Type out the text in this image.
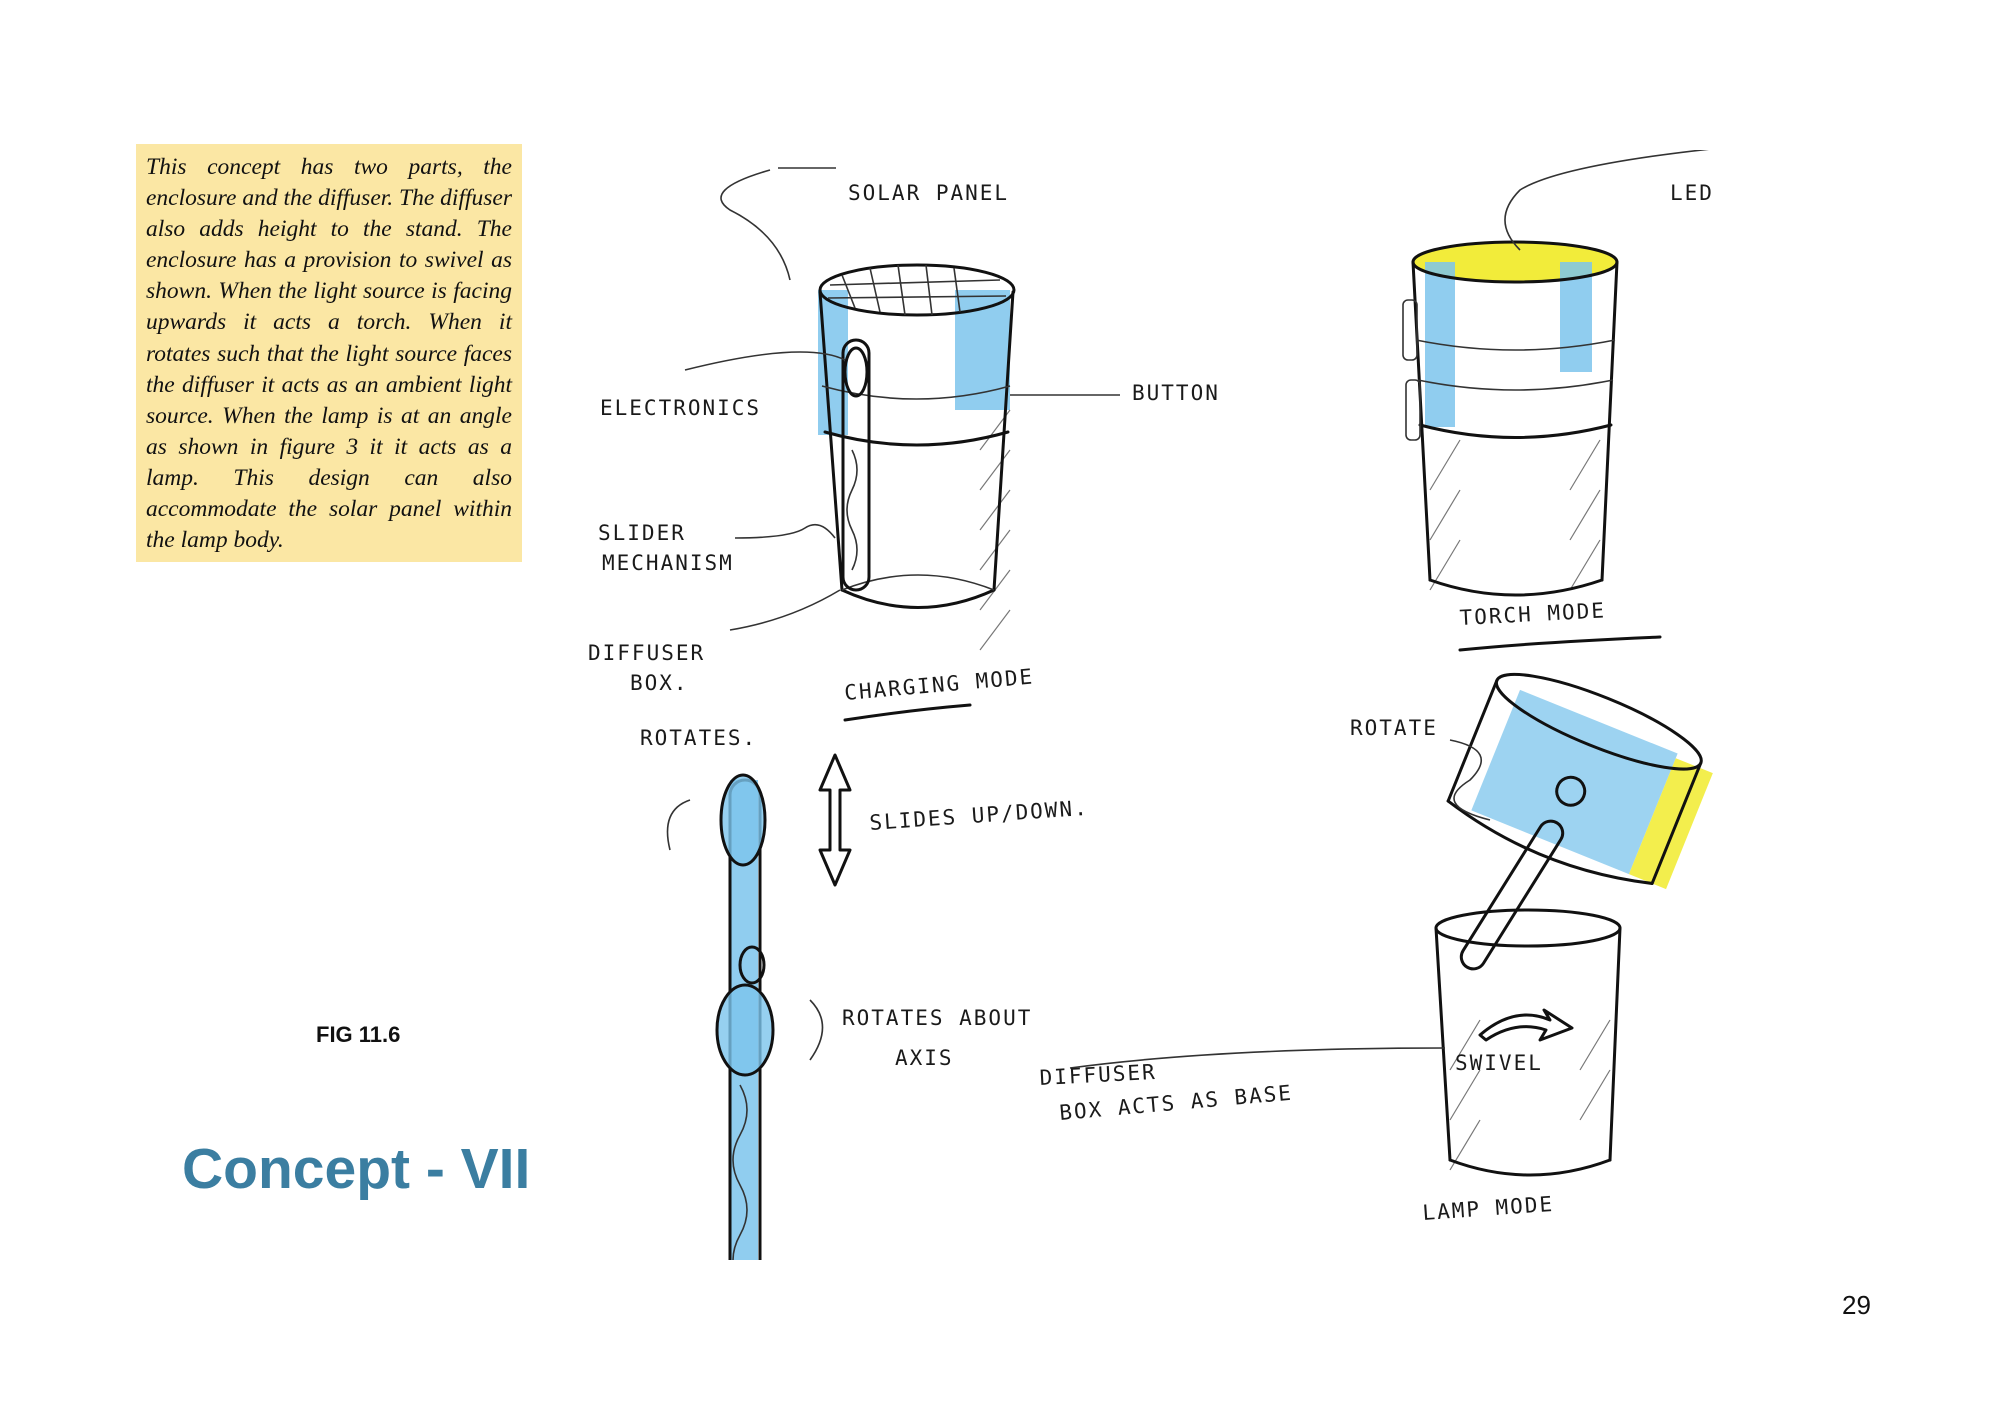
This concept has two parts, the enclosure and the diffuser. The diffuser also adds height to the stand. The enclosure has a provision to swivel as shown. When the light source is facing upwards it acts a torch. When it rotates such that the light source faces the diffuser it acts as an ambient light source. When the lamp is at an angle as shown in figure 3 it it acts as a lamp. This design can also accommodate the solar panel within the lamp body.

FIG 11.6
Concept - VII
29
SOLAR PANEL
ELECTRONICS
BUTTON
SLIDER
MECHANISM
DIFFUSER
BOX.	CHARGING MODE
LED
TORCH MODE
ROTATES.
SLIDES UP/DOWN.
ROTATES ABOUT
AXIS
ROTATE
DIFFUSER
BOX ACTS AS BASE
SWIVEL
LAMP MODE
